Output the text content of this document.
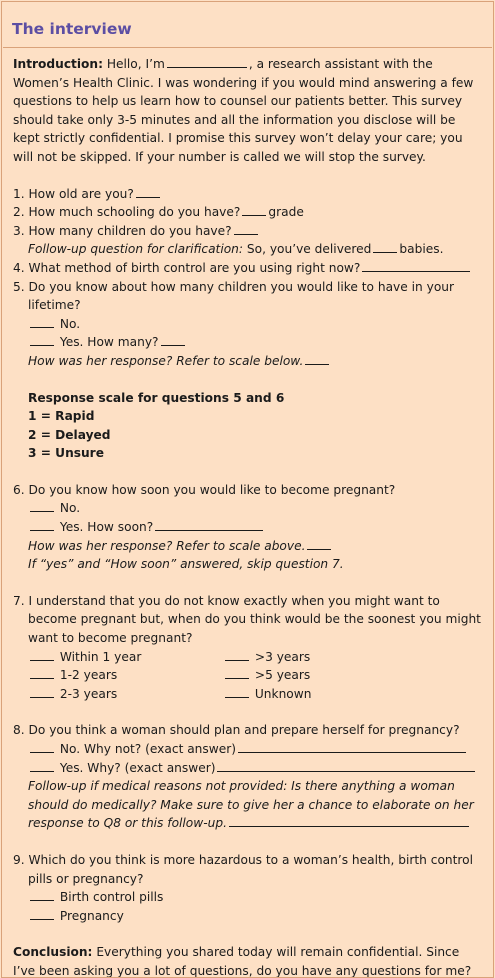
The interview

Introduction: Hello, I’m	, a research assistant with the Women’s Health Clinic. I was wondering if you would mind answering a few questions to help us learn how to counsel our patients better. This survey should take only 3-5 minutes and all the information you disclose will be kept strictly confidential. I promise this survey won’t delay your care; you will not be skipped. If your number is called we will stop the survey.

1. How old are you?

2. How much schooling do you have? grade

3. How many children do you have?

Follow-up question for clarification: So, you’ve delivered babies.

4. What method of birth control are you using right now?

5. Do you know about how many children you would like to have in your lifetime?

No.

Yes. How many?

How was her response? Refer to scale below.

Response scale for questions 5 and 6

1 = Rapid

2 = Delayed

3 = Unsure

6. Do you know how soon you would like to become pregnant?

No.

Yes. How soon?

How was her response? Refer to scale above.

If “yes” and “How soon” answered, skip question 7.

7. I understand that you do not know exactly when you might want to become pregnant but, when do you think would be the soonest you might want to become pregnant?

Within 1 year

1-2 years

2-3 years

>3 years

>5 years

Unknown

8. Do you think a woman should plan and prepare herself for pregnancy?

No. Why not? (exact answer)

Yes. Why? (exact answer)

Follow-up if medical reasons not provided: Is there anything a woman should do medically? Make sure to give her a chance to elaborate on her response to Q8 or this follow-up.

9. Which do you think is more hazardous to a woman’s health, birth control pills or pregnancy?

Birth control pills

Pregnancy

Conclusion: Everything you shared today will remain confidential. Since I’ve been asking you a lot of questions, do you have any questions for me?
